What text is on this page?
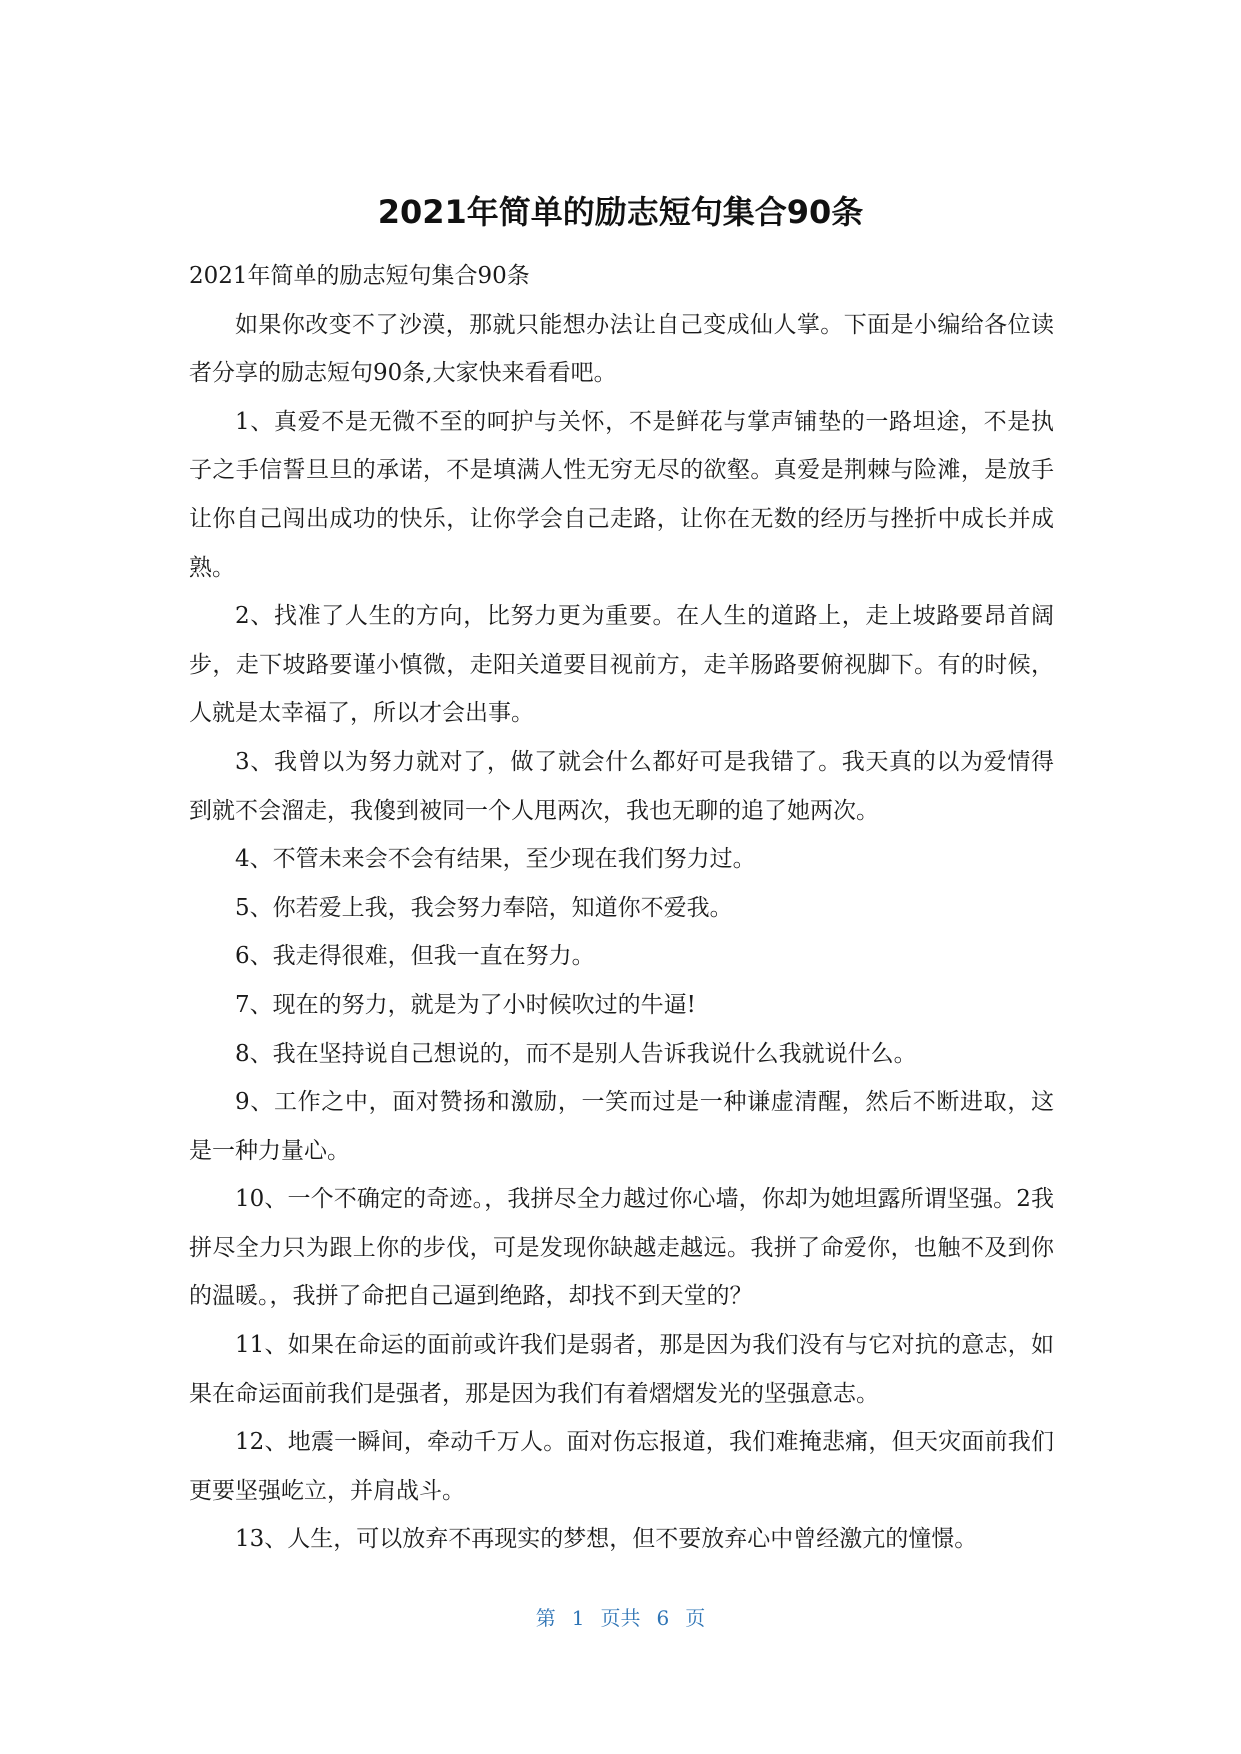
2021年简单的励志短句集合90条

2021年简单的励志短句集合90条

如果你改变不了沙漠，那就只能想办法让自己变成仙人掌。下面是小编给各位读者分享的励志短句90条,大家快来看看吧。

1、真爱不是无微不至的呵护与关怀，不是鲜花与掌声铺垫的一路坦途，不是执子之手信誓旦旦的承诺，不是填满人性无穷无尽的欲壑。真爱是荆棘与险滩，是放手让你自己闯出成功的快乐，让你学会自己走路，让你在无数的经历与挫折中成长并成熟。

2、找准了人生的方向，比努力更为重要。在人生的道路上，走上坡路要昂首阔步，走下坡路要谨小慎微，走阳关道要目视前方，走羊肠路要俯视脚下。有的时候，人就是太幸福了，所以才会出事。

3、我曾以为努力就对了，做了就会什么都好可是我错了。我天真的以为爱情得到就不会溜走，我傻到被同一个人甩两次，我也无聊的追了她两次。

4、不管未来会不会有结果，至少现在我们努力过。

5、你若爱上我，我会努力奉陪，知道你不爱我。

6、我走得很难，但我一直在努力。

7、现在的努力，就是为了小时候吹过的牛逼!

8、我在坚持说自己想说的，而不是别人告诉我说什么我就说什么。

9、工作之中，面对赞扬和激励，一笑而过是一种谦虚清醒，然后不断进取，这是一种力量心。

10、一个不确定的奇迹。，我拼尽全力越过你心墙，你却为她坦露所谓坚强。2我拼尽全力只为跟上你的步伐，可是发现你缺越走越远。我拼了命爱你，也触不及到你的温暖。，我拼了命把自己逼到绝路，却找不到天堂的？

11、如果在命运的面前或许我们是弱者，那是因为我们没有与它对抗的意志，如果在命运面前我们是强者，那是因为我们有着熠熠发光的坚强意志。

12、地震一瞬间，牵动千万人。面对伤忘报道，我们难掩悲痛，但天灾面前我们更要坚强屹立，并肩战斗。

13、人生，可以放弃不再现实的梦想，但不要放弃心中曾经激亢的憧憬。

第 1 页共 6 页
